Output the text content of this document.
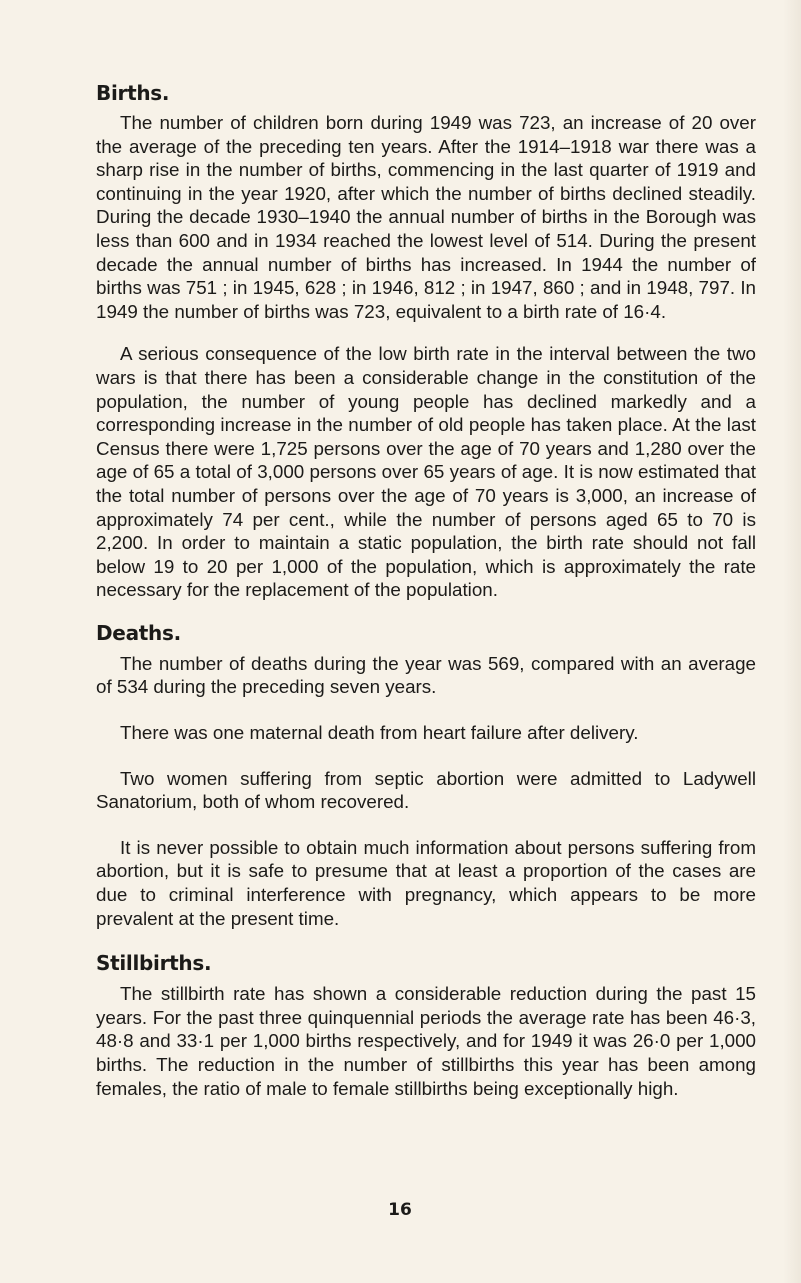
Births.

The number of children born during 1949 was 723, an increase of 20 over the average of the preceding ten years. After the 1914–1918 war there was a sharp rise in the number of births, commencing in the last quarter of 1919 and continuing in the year 1920, after which the number of births declined steadily. During the decade 1930–1940 the annual number of births in the Borough was less than 600 and in 1934 reached the lowest level of 514. During the present decade the annual number of births has increased. In 1944 the number of births was 751 ; in 1945, 628 ; in 1946, 812 ; in 1947, 860 ; and in 1948, 797. In 1949 the number of births was 723, equivalent to a birth rate of 16·4.

A serious consequence of the low birth rate in the interval between the two wars is that there has been a considerable change in the constitution of the population, the number of young people has declined markedly and a corresponding increase in the number of old people has taken place. At the last Census there were 1,725 persons over the age of 70 years and 1,280 over the age of 65 a total of 3,000 persons over 65 years of age. It is now estimated that the total number of persons over the age of 70 years is 3,000, an increase of approximately 74 per cent., while the number of persons aged 65 to 70 is 2,200. In order to maintain a static population, the birth rate should not fall below 19 to 20 per 1,000 of the population, which is approximately the rate necessary for the replacement of the population.

Deaths.

The number of deaths during the year was 569, compared with an average of 534 during the preceding seven years.

There was one maternal death from heart failure after delivery.

Two women suffering from septic abortion were admitted to Ladywell Sanatorium, both of whom recovered.

It is never possible to obtain much information about persons suffering from abortion, but it is safe to presume that at least a proportion of the cases are due to criminal interference with pregnancy, which appears to be more prevalent at the present time.

Stillbirths.

The stillbirth rate has shown a considerable reduction during the past 15 years. For the past three quinquennial periods the average rate has been 46·3, 48·8 and 33·1 per 1,000 births respectively, and for 1949 it was 26·0 per 1,000 births. The reduction in the number of stillbirths this year has been among females, the ratio of male to female stillbirths being exceptionally high.

16
